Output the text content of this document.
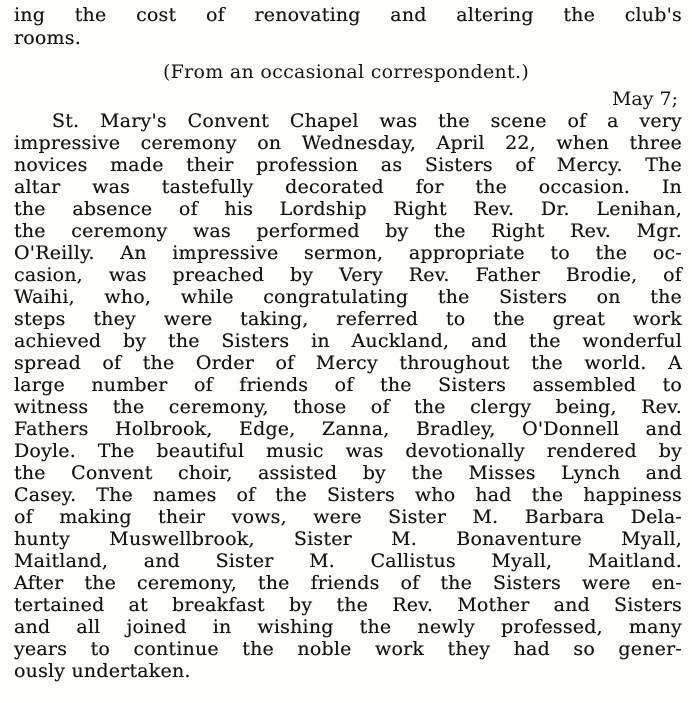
ing the cost of renovating and altering the club's
rooms.
(From an occasional correspondent.)
May 7;
St. Mary's Convent Chapel was the scene of a very
impressive ceremony on Wednesday, April 22, when three
novices made their profession as Sisters of Mercy. The
altar was tastefully decorated for the occasion. In
the absence of his Lordship Right Rev. Dr. Lenihan,
the ceremony was performed by the Right Rev. Mgr.
O'Reilly. An impressive sermon, appropriate to the oc-
casion, was preached by Very Rev. Father Brodie, of
Waihi, who, while congratulating the Sisters on the
steps they were taking, referred to the great work
achieved by the Sisters in Auckland, and the wonderful
spread of the Order of Mercy throughout the world. A
large number of friends of the Sisters assembled to
witness the ceremony, those of the clergy being, Rev.
Fathers Holbrook, Edge, Zanna, Bradley, O'Donnell and
Doyle. The beautiful music was devotionally rendered by
the Convent choir, assisted by the Misses Lynch and
Casey. The names of the Sisters who had the happiness
of making their vows, were Sister M. Barbara Dela-
hunty Muswellbrook, Sister M. Bonaventure Myall,
Maitland, and Sister M. Callistus Myall, Maitland.
After the ceremony, the friends of the Sisters were en-
tertained at breakfast by the Rev. Mother and Sisters
and all joined in wishing the newly professed, many
years to continue the noble work they had so gener-
ously undertaken.
